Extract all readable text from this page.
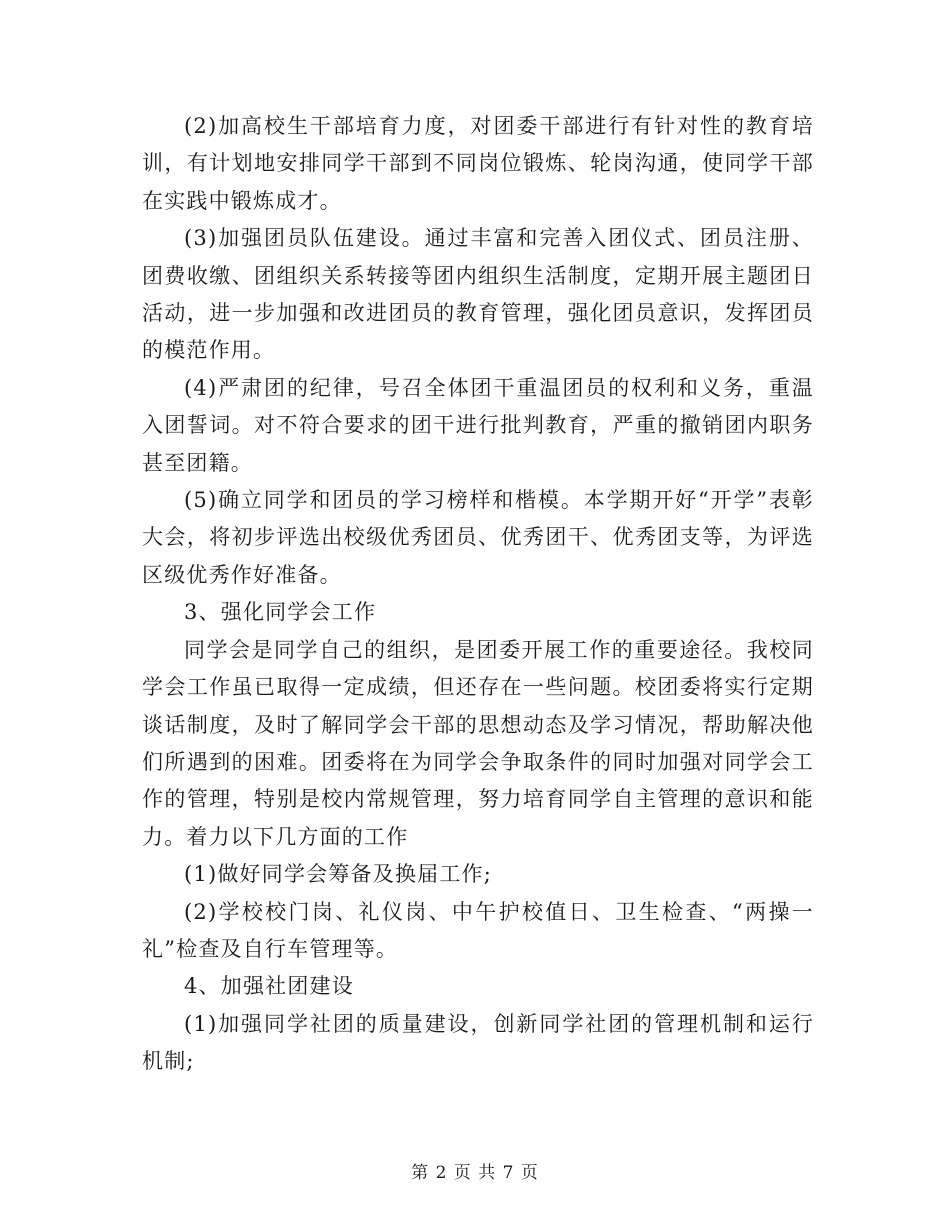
(2)加高校生干部培育力度，对团委干部进行有针对性的教育培训，有计划地安排同学干部到不同岗位锻炼、轮岗沟通，使同学干部在实践中锻炼成才。

(3)加强团员队伍建设。通过丰富和完善入团仪式、团员注册、团费收缴、团组织关系转接等团内组织生活制度，定期开展主题团日活动，进一步加强和改进团员的教育管理，强化团员意识，发挥团员的模范作用。

(4)严肃团的纪律，号召全体团干重温团员的权利和义务，重温入团誓词。对不符合要求的团干进行批判教育，严重的撤销团内职务甚至团籍。

(5)确立同学和团员的学习榜样和楷模。本学期开好“开学”表彰大会，将初步评选出校级优秀团员、优秀团干、优秀团支等，为评选区级优秀作好准备。

3、强化同学会工作

同学会是同学自己的组织，是团委开展工作的重要途径。我校同学会工作虽已取得一定成绩，但还存在一些问题。校团委将实行定期谈话制度，及时了解同学会干部的思想动态及学习情况，帮助解决他们所遇到的困难。团委将在为同学会争取条件的同时加强对同学会工作的管理，特别是校内常规管理，努力培育同学自主管理的意识和能力。着力以下几方面的工作

(1)做好同学会筹备及换届工作;

(2)学校校门岗、礼仪岗、中午护校值日、卫生检查、“两操一礼”检查及自行车管理等。

4、加强社团建设

(1)加强同学社团的质量建设，创新同学社团的管理机制和运行机制;

第 2 页 共 7 页
